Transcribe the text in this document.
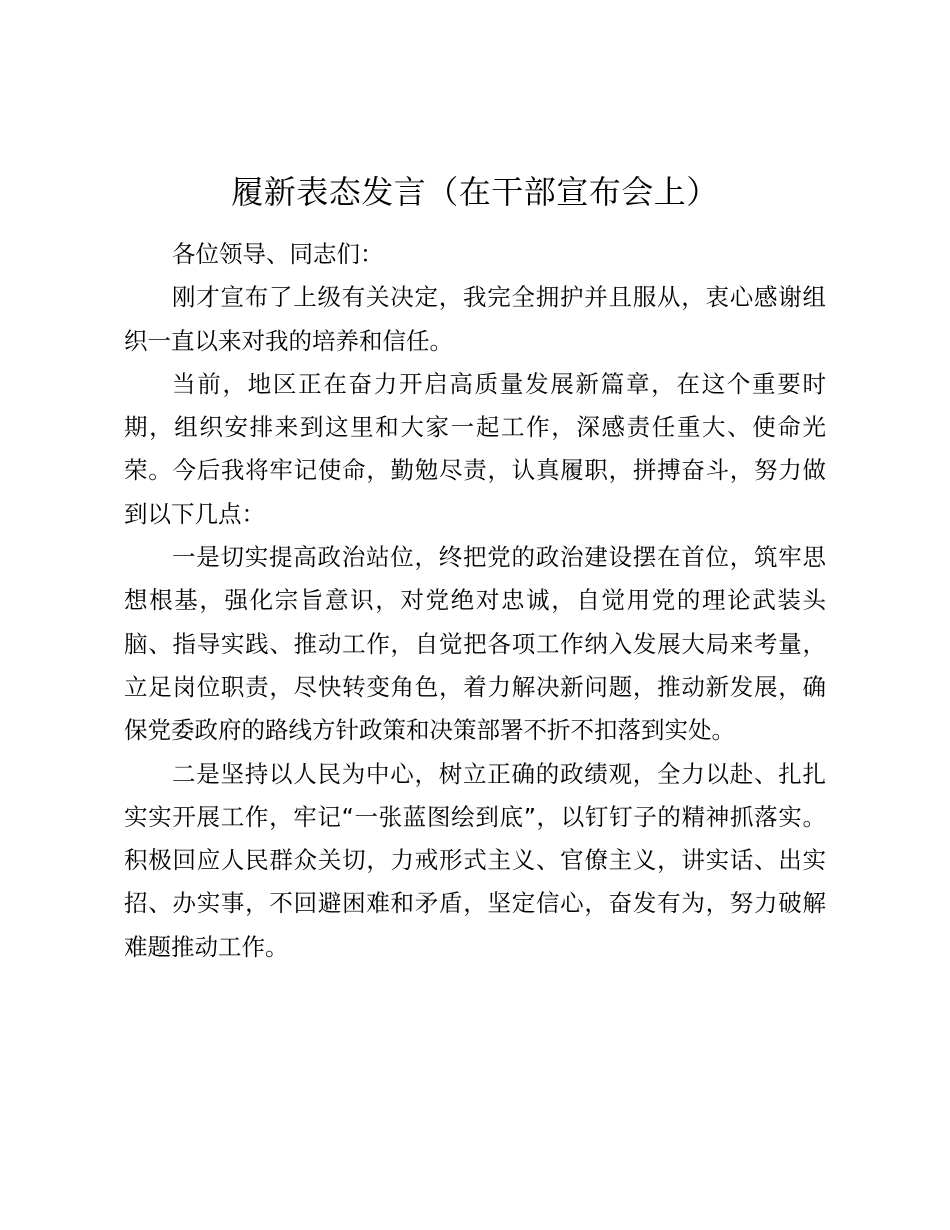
履新表态发言（在干部宣布会上）

各位领导、同志们：

刚才宣布了上级有关决定，我完全拥护并且服从，衷心感谢组织一直以来对我的培养和信任。

当前，地区正在奋力开启高质量发展新篇章，在这个重要时期，组织安排来到这里和大家一起工作，深感责任重大、使命光荣。今后我将牢记使命，勤勉尽责，认真履职，拼搏奋斗，努力做到以下几点：

一是切实提高政治站位，终把党的政治建设摆在首位，筑牢思想根基，强化宗旨意识，对党绝对忠诚，自觉用党的理论武装头脑、指导实践、推动工作，自觉把各项工作纳入发展大局来考量，立足岗位职责，尽快转变角色，着力解决新问题，推动新发展，确保党委政府的路线方针政策和决策部署不折不扣落到实处。

二是坚持以人民为中心，树立正确的政绩观，全力以赴、扎扎实实开展工作，牢记“一张蓝图绘到底”，以钉钉子的精神抓落实。积极回应人民群众关切，力戒形式主义、官僚主义，讲实话、出实招、办实事，不回避困难和矛盾，坚定信心，奋发有为，努力破解难题推动工作。
